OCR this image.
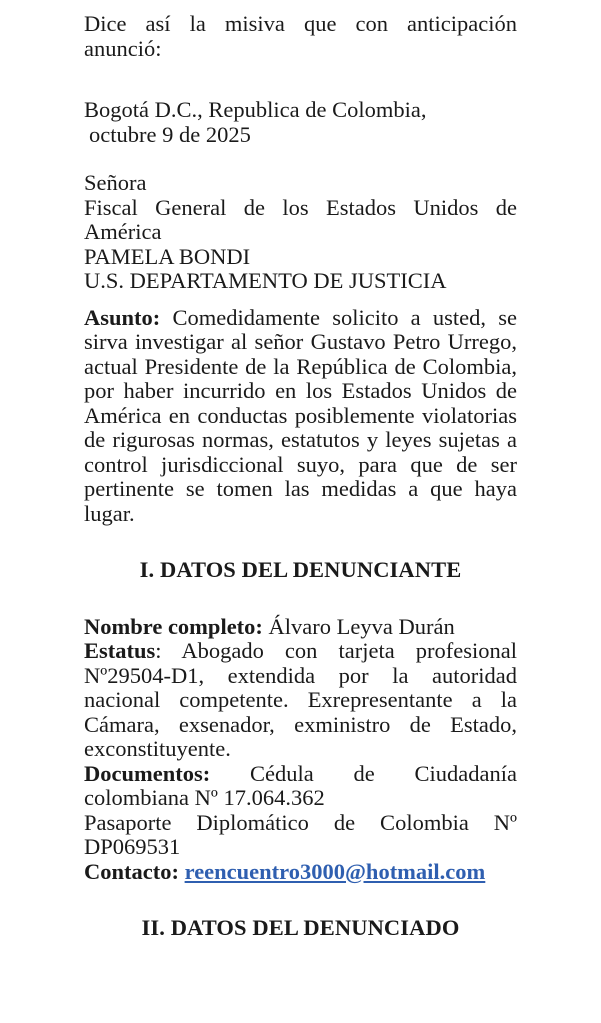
Dice así la misiva que con anticipación anunció:

Bogotá D.C., Republica de Colombia,
octubre 9 de 2025
Señora

Fiscal General de los Estados Unidos de América

PAMELA BONDI
U.S. DEPARTAMENTO DE JUSTICIA

Asunto: Comedidamente solicito a usted, se sirva investigar al señor Gustavo Petro Urrego, actual Presidente de la República de Colombia, por haber incurrido en los Estados Unidos de América en conductas posiblemente violatorias de rigurosas normas, estatutos y leyes sujetas a control jurisdiccional suyo, para que de ser pertinente se tomen las medidas a que haya lugar.

I. DATOS DEL DENUNCIANTE

Nombre completo: Álvaro Leyva Durán

Estatus: Abogado con tarjeta profesional Nº29504-D1, extendida por la autoridad nacional competente. Exrepresentante a la Cámara, exsenador, exministro de Estado, exconstituyente.

Documentos: Cédula de Ciudadanía colombiana Nº 17.064.362

Pasaporte Diplomático de Colombia Nº DP069531

Contacto: reencuentro3000@hotmail.com

II. DATOS DEL DENUNCIADO
